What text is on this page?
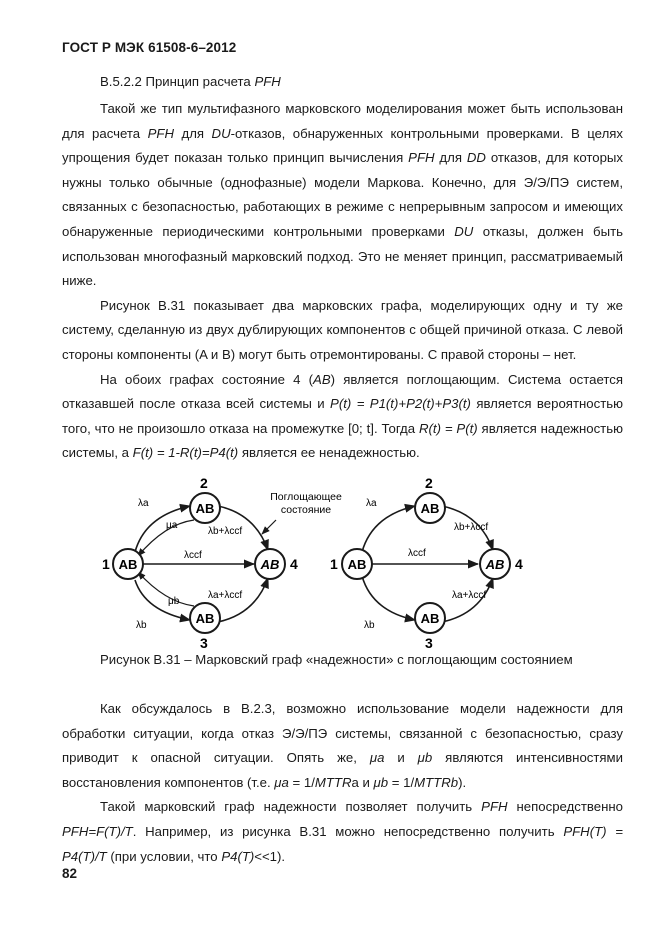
ГОСТ Р МЭК 61508-6–2012
B.5.2.2 Принцип расчета PFH

Такой же тип мультифазного марковского моделирования может быть использован для расчета PFH для DU-отказов, обнаруженных контрольными проверками. В целях упрощения будет показан только принцип вычисления PFH для DD отказов, для которых нужны только обычные (однофазные) модели Маркова. Конечно, для Э/Э/ПЭ систем, связанных с безопасностью, работающих в режиме с непрерывным запросом и имеющих обнаруженные периодическими контрольными проверками DU отказы, должен быть использован многофазный марковский подход. Это не меняет принцип, рассматриваемый ниже.

Рисунок B.31 показывает два марковских графа, моделирующих одну и ту же систему, сделанную из двух дублирующих компонентов с общей причиной отказа. С левой стороны компоненты (A и B) могут быть отремонтированы. С правой стороны – нет.

На обоих графах состояние 4 (AB) является поглощающим. Система остается отказавшей после отказа всей системы и P(t) = P1(t)+P2(t)+P3(t) является вероятностью того, что не произошло отказа на промежутке [0; t]. Тогда R(t) = P(t) является надежностью системы, а F(t) = 1-R(t)=P4(t) является ее ненадежностью.

AB
AB
AB
AB
1
2
3
4
λa
μa
λb
μb
λccf
λb+λccf
λa+λccf
Поглощающее
состояние
AB
AB
AB
AB
1
2
3
4
λa
λb
λccf
λb+λccf
λa+λccf
Рисунок B.31 – Марковский граф «надежности» с поглощающим состоянием

Как обсуждалось в B.2.3, возможно использование модели надежности для обработки ситуации, когда отказ Э/Э/ПЭ системы, связанной с безопасностью, сразу приводит к опасной ситуации. Опять же, μa и μb являются интенсивностями восстановления компонентов (т.е. μa = 1/MTTRa и μb = 1/MTTRb).

Такой марковский граф надежности позволяет получить PFH непосредственно PFH=F(T)/T. Например, из рисунка B.31 можно непосредственно получить PFH(T) = P4(T)/T (при условии, что P4(T)<<1).

82
